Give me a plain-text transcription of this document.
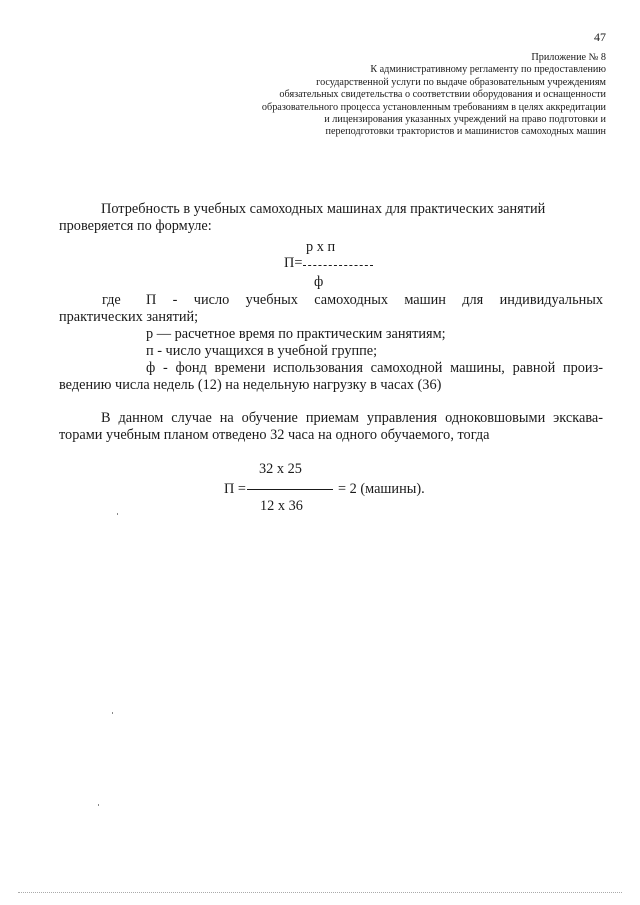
47
Приложение № 8
К административному регламенту по предоставлению
государственной услуги по выдаче образовательным учреждениям
обязательных свидетельства о соответствии оборудования и оснащенности
образовательного процесса установленным требованиям в целях аккредитации
и лицензирования указанных учреждений на право подготовки и
переподготовки трактористов и машинистов самоходных машин
Потребность в учебных самоходных машинах для практических занятий
проверяется по формуле:
р х п
П=
ф
где П - число учебных самоходных машин для индивидуальных
практических занятий;
р — расчетное время по практическим занятиям;
п - число учащихся в учебной группе;
ф - фонд времени использования самоходной машины, равной произ-
ведению числа недель (12) на недельную нагрузку в часах (36)
В данном случае на обучение приемам управления одноковшовыми экскава-
торами учебным планом отведено 32 часа на одного обучаемого, тогда
32 х 25
П =	= 2 (машины).
12 х 36
